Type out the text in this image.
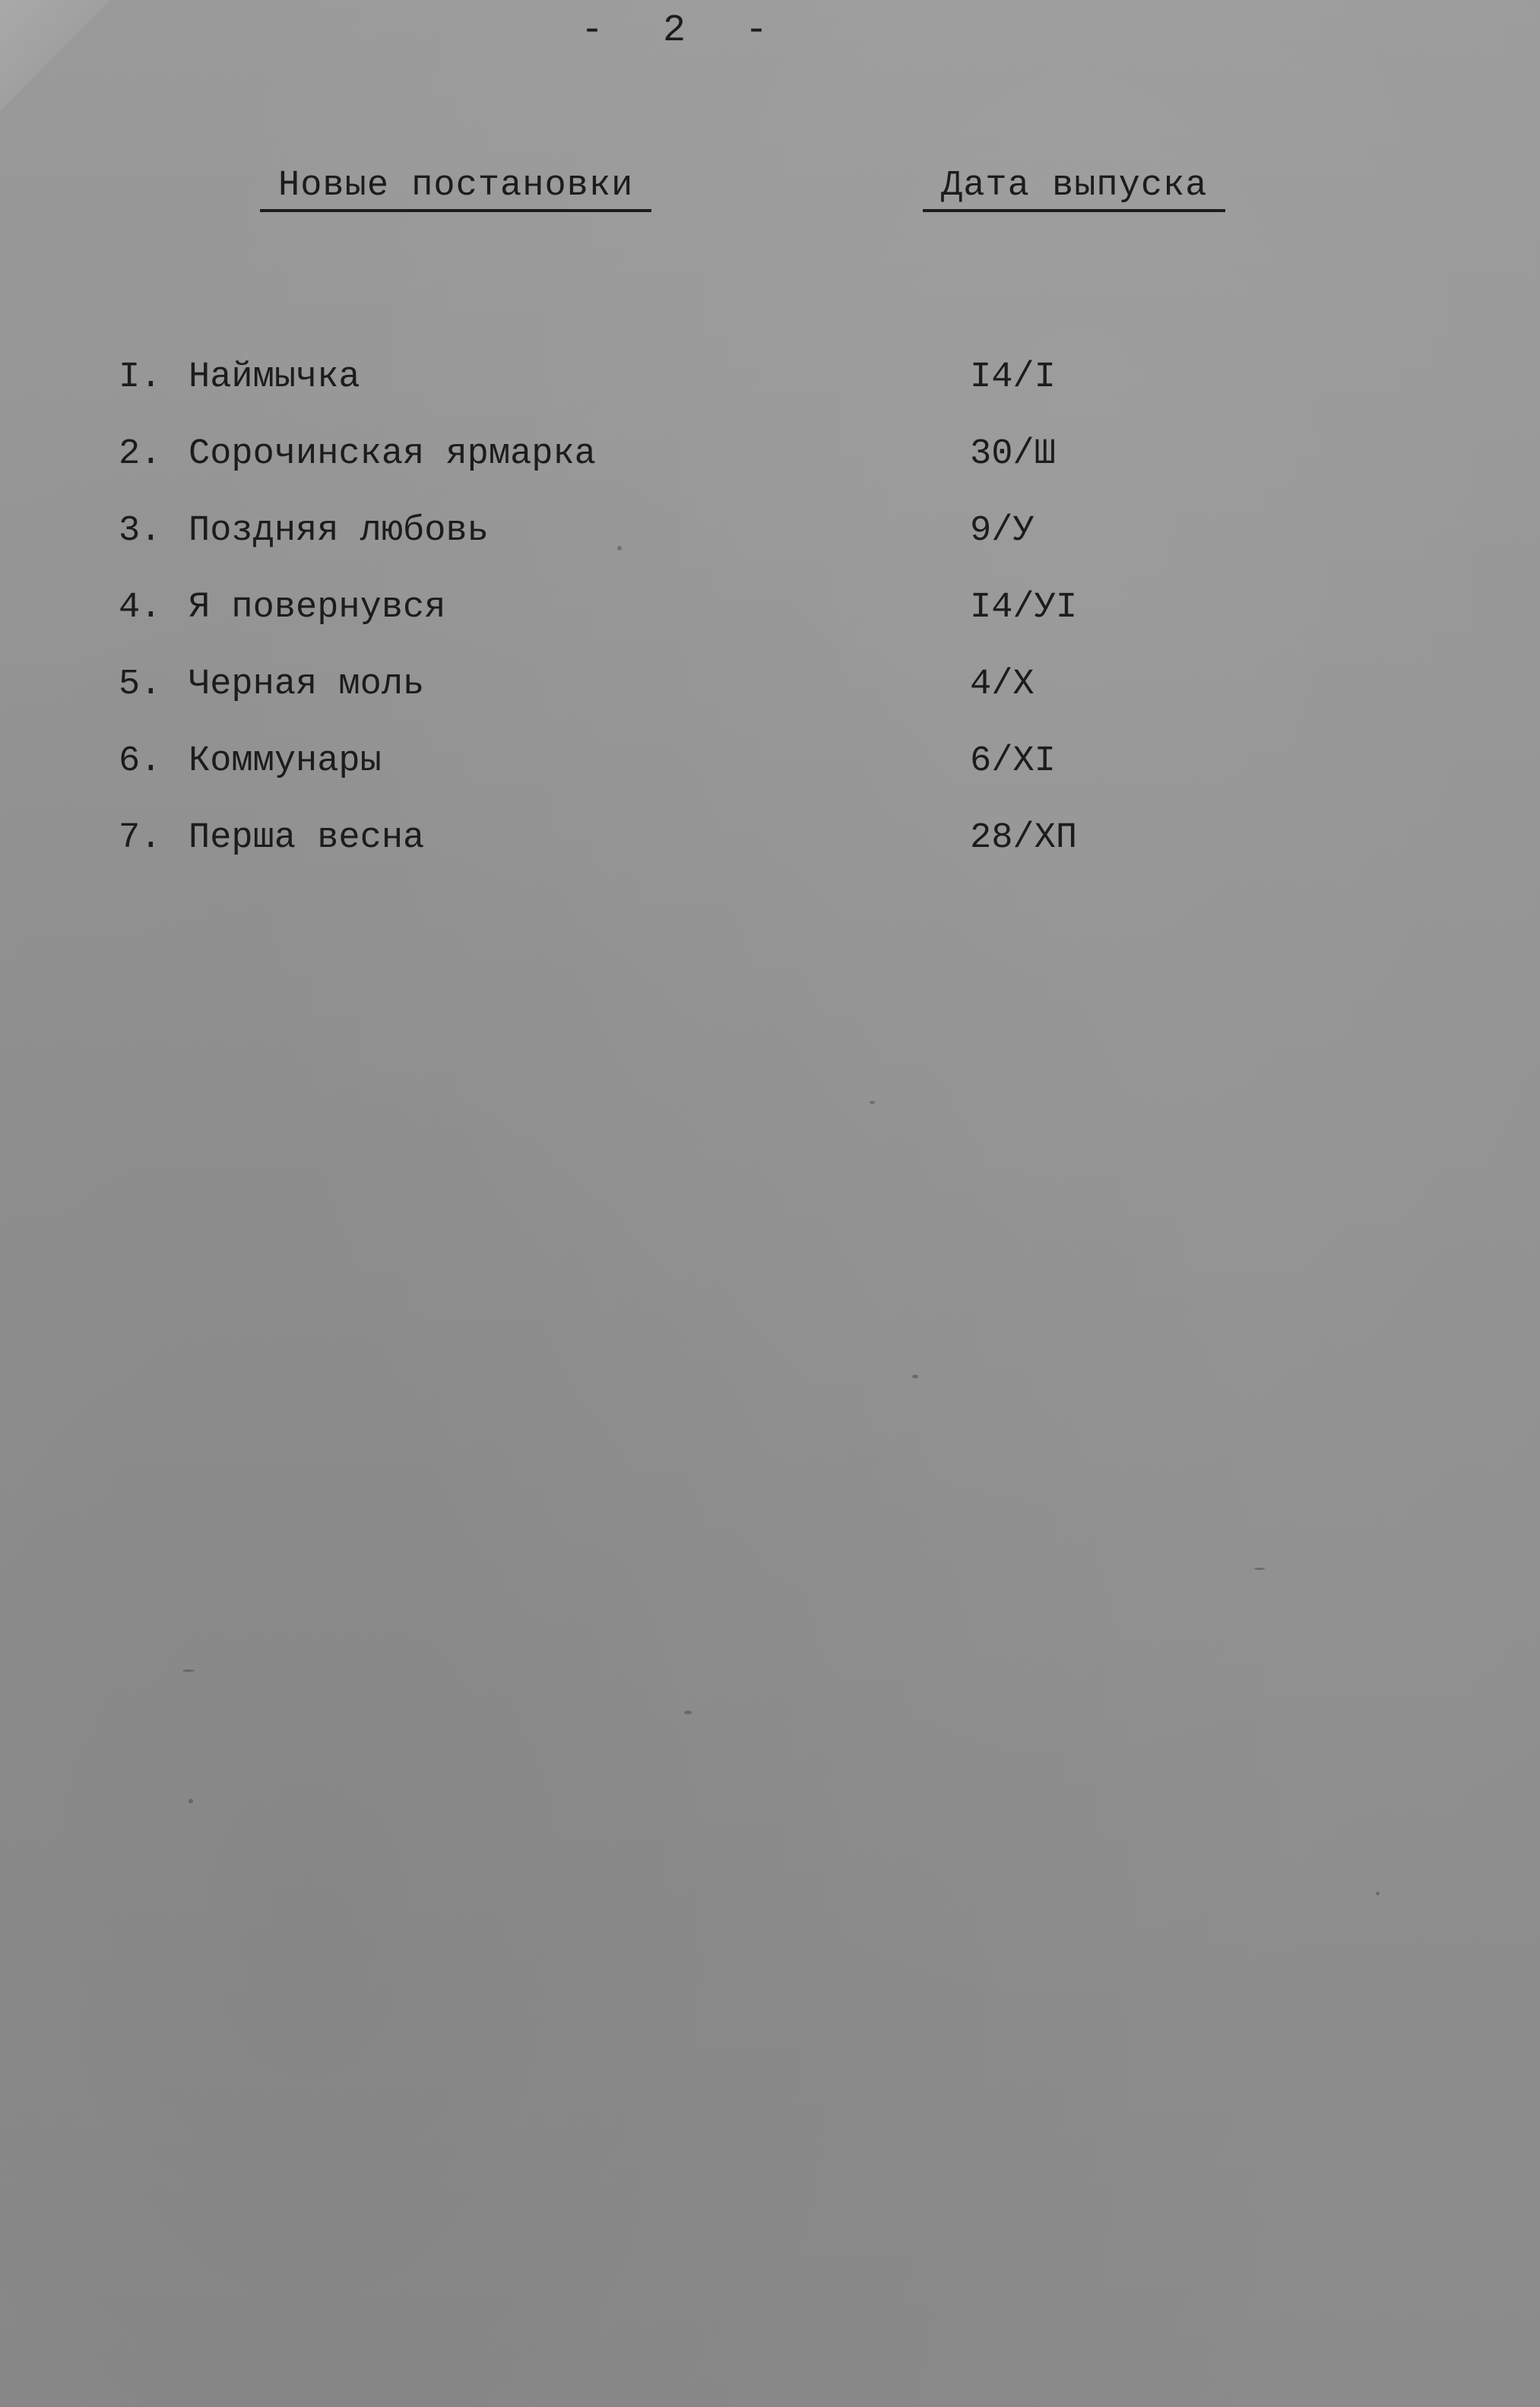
-  2  -
Новые постановки	Дата выпуска
I. Наймычка	I4/I
2. Сорочинская ярмарка	30/Ш
3. Поздняя любовь	9/У
4. Я повернувся	I4/УI
5. Черная моль	4/Х
6. Коммунары	6/XI
7. Перша весна	28/ХП
